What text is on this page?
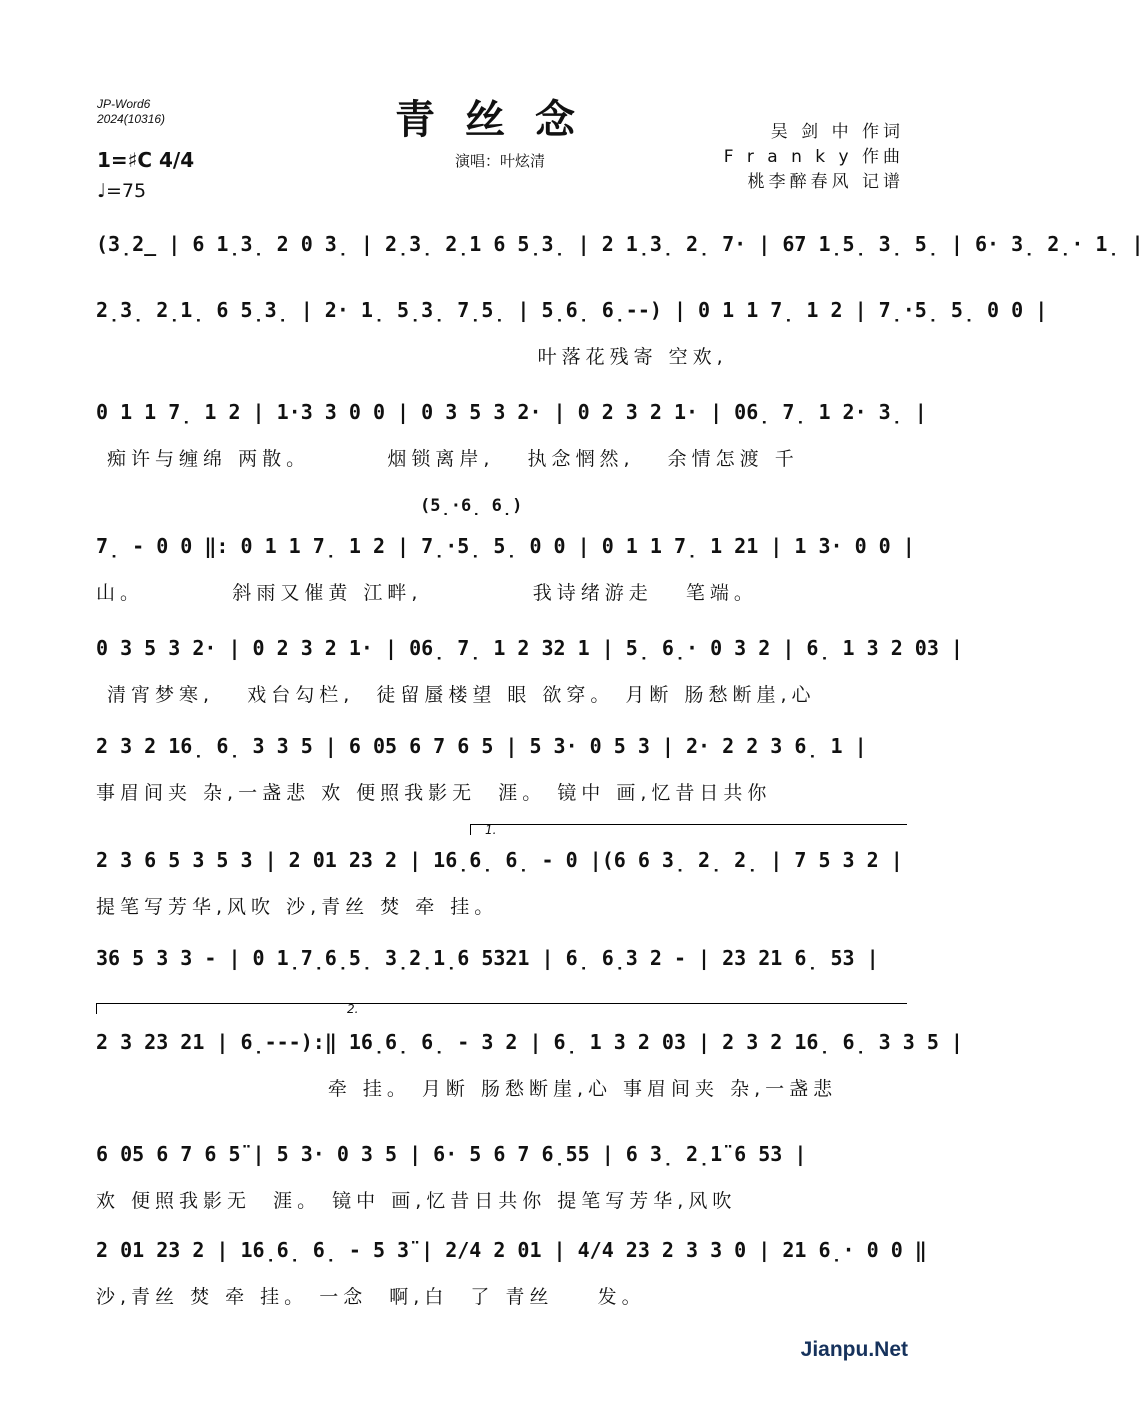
JP-Word6
2024(10316)	青丝念
演唱：叶炫清
吴 剑 中 作词
F r a n k y 作曲
桃李醉春风 记谱
1=♯C 4/4
♩=75
(3̣2̲ | 6 1̣3̣ 2 0 3̣ | 2̣3̣ 2̣1 6 5̣3̣ | 2 1̣3̣ 2̣ 7· | 67 1̣5̣ 3̣ 5̣ | 6· 3̣ 2̣· 1̣ |
2̣3̣ 2̣1̣ 6 5̣3̣ | 2· 1̣ 5̣3̣ 7̣5̣ | 5̣6̣ 6̣--) | 0 1 1 7̣ 1 2 | 7̣·5̣ 5̣ 0 0 |
叶落花残寄 空欢,
0 1 1 7̣ 1 2 | 1·3 3 0 0 | 0 3 5 3 2· | 0 2 3 2 1· | 06̣ 7̣ 1 2· 3̣ |
痴许与缠绵 两散。       烟锁离岸,   执念惘然,   余情怎渡 千
7̣ - 0 0 ‖: 0 1 1 7̣ 1 2 | 7̣·5̣ 5̣ 0 0 | 0 1 1 7̣ 1 21 | 1 3· 0 0 |
山。        斜雨又催黄 江畔,          我诗绪游走   笔端。
0 3 5 3 2· | 0 2 3 2 1· | 06̣ 7̣ 1 2 32 1 | 5̣ 6̣· 0 3 2 | 6̣ 1 3 2 03 |
清宵梦寒,   戏台勾栏,  徒留蜃楼望 眼 欲穿。 月断 肠愁断崖,心
2 3 2 16̣ 6̣ 3 3 5 | 6 05 6 7 6 5 | 5 3· 0 5 3 | 2· 2 2 3 6̣ 1 |
事眉间夹 杂,一盏悲 欢 便照我影无  涯。 镜中 画,忆昔日共你
2 3 6 5 3 5 3 | 2 01 23 2 | 16̣6̣ 6̣ - 0 |(6 6 3̣ 2̣ 2̣ | 7 5 3 2 |
提笔写芳华,风吹 沙,青丝 焚 牵 挂。
36 5 3 3 - | 0 1̣7̣6̣5̣ 3̣2̣1̣6 5321 | 6̣ 6̣3 2 - | 23 21 6̣ 53 |
2 3 23 21 | 6̣---):‖ 16̣6̣ 6̣ - 3 2 | 6̣ 1 3 2 03 | 2 3 2 16̣ 6̣ 3 3 5 |
牵 挂。 月断 肠愁断崖,心 事眉间夹 杂,一盏悲
6 05 6 7 6 5̈ | 5 3· 0 3 5 | 6· 5 6 7 6̣55 | 6 3̣ 2̣1̈ 6 53 |
欢 便照我影无  涯。 镜中 画,忆昔日共你 提笔写芳华,风吹
2 01 23 2 | 16̣6̣ 6̣ - 5 3̈ | 2/4 2 01 | 4/4 23 2 3 3 0 | 21 6̣· 0 0 ‖
沙,青丝 焚 牵 挂。 一念  啊,白  了 青丝    发。
1.
2.
(5̣·6̣ 6̣)
Jianpu.Net
